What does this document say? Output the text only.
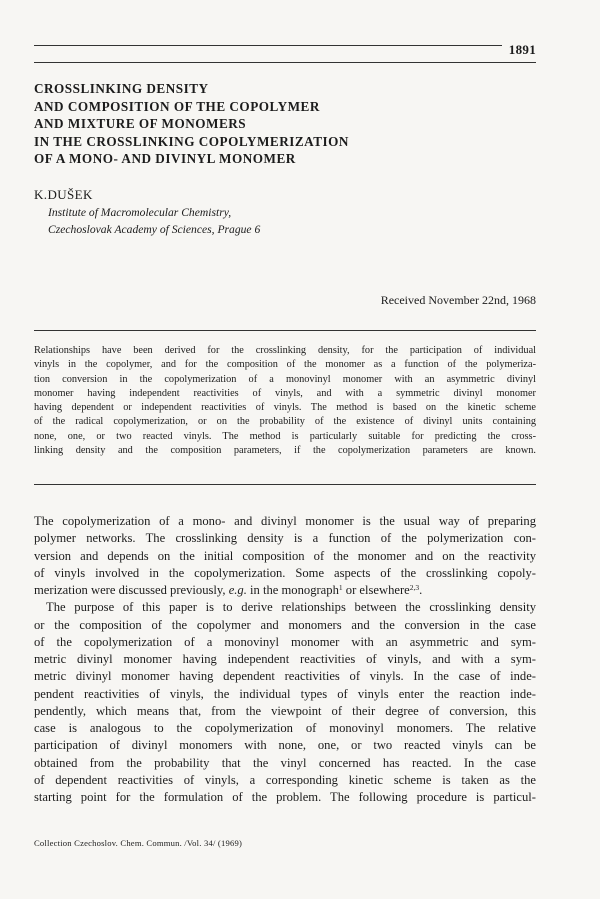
1891
CROSSLINKING DENSITY
AND COMPOSITION OF THE COPOLYMER
AND MIXTURE OF MONOMERS
IN THE CROSSLINKING COPOLYMERIZATION
OF A MONO- AND DIVINYL MONOMER
K.DUŠEK
Institute of Macromolecular Chemistry,
Czechoslovak Academy of Sciences, Prague 6
Received November 22nd, 1968
Relationships have been derived for the crosslinking density, for the participation of individual
vinyls in the copolymer, and for the composition of the monomer as a function of the polymeriza-
tion conversion in the copolymerization of a monovinyl monomer with an asymmetric divinyl
monomer having independent reactivities of vinyls, and with a symmetric divinyl monomer
having dependent or independent reactivities of vinyls. The method is based on the kinetic scheme
of the radical copolymerization, or on the probability of the existence of divinyl units containing
none, one, or two reacted vinyls. The method is particularly suitable for predicting the cross-
linking density and the composition parameters, if the copolymerization parameters are known.
The copolymerization of a mono- and divinyl monomer is the usual way of preparing
polymer networks. The crosslinking density is a function of the polymerization con-
version and depends on the initial composition of the monomer and on the reactivity
of vinyls involved in the copolymerization. Some aspects of the crosslinking copoly-
merization were discussed previously, e.g. in the monograph$^1$ or elsewhere$^{2,3}$.
The purpose of this paper is to derive relationships between the crosslinking density
or the composition of the copolymer and monomers and the conversion in the case
of the copolymerization of a monovinyl monomer with an asymmetric and sym-
metric divinyl monomer having independent reactivities of vinyls, and with a sym-
metric divinyl monomer having dependent reactivities of vinyls. In the case of inde-
pendent reactivities of vinyls, the individual types of vinyls enter the reaction inde-
pendently, which means that, from the viewpoint of their degree of conversion, this
case is analogous to the copolymerization of monovinyl monomers. The relative
participation of divinyl monomers with none, one, or two reacted vinyls can be
obtained from the probability that the vinyl concerned has reacted. In the case
of dependent reactivities of vinyls, a corresponding kinetic scheme is taken as the
starting point for the formulation of the problem. The following procedure is particul-
Collection Czechoslov. Chem. Commun. /Vol. 34/ (1969)
